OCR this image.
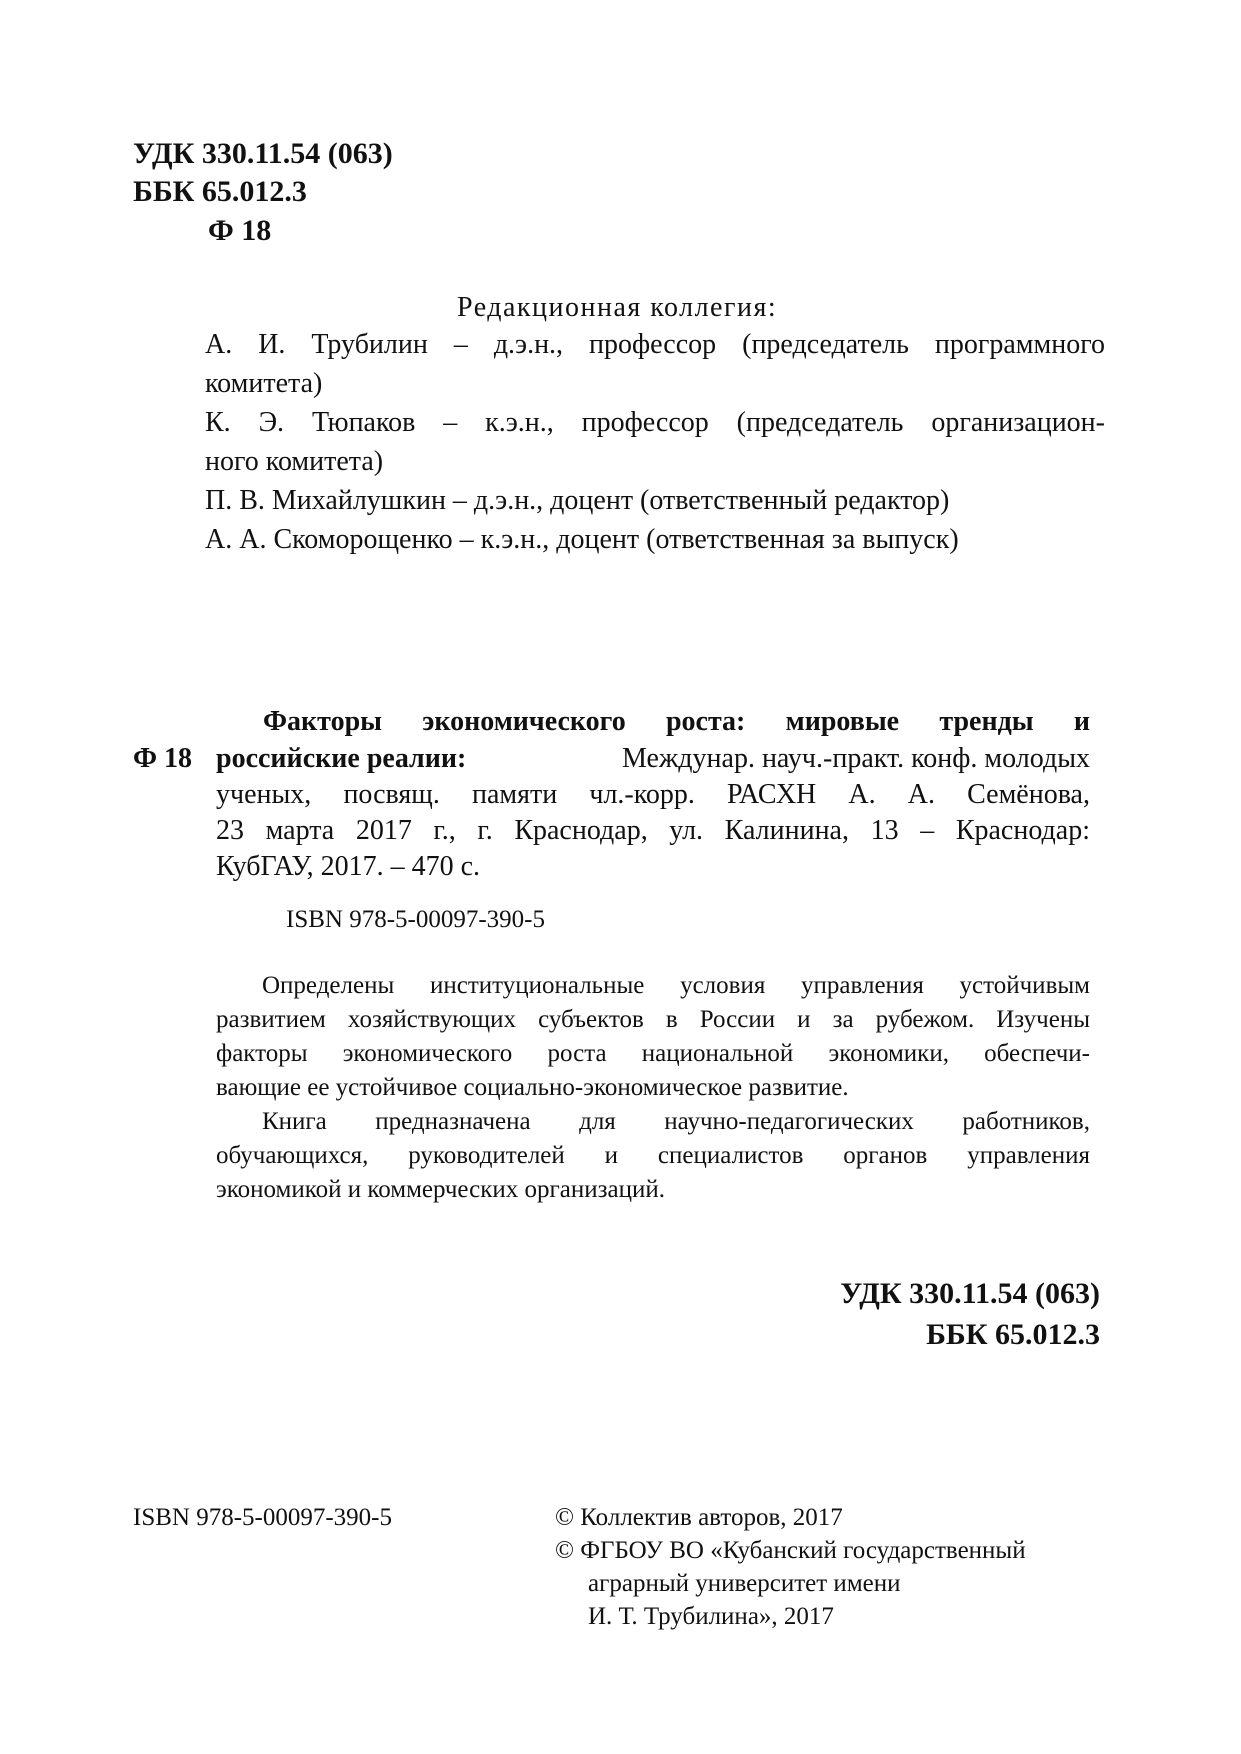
УДК 330.11.54 (063)
ББК 65.012.3
Ф 18
Редакционная коллегия:
А. И. Трубилин – д.э.н., профессор (председатель программного
комитета)
К. Э. Тюпаков – к.э.н., профессор (председатель организацион-
ного комитета)
П. В. Михайлушкин – д.э.н., доцент (ответственный редактор)
А. А. Скоморощенко – к.э.н., доцент (ответственная за выпуск)
Ф 18
Факторы экономического роста: мировые тренды и
российские реалии:	Междунар. науч.-практ. конф. молодых
ученых, посвящ. памяти чл.-корр. РАСХН А. А. Семёнова,
23 марта 2017 г., г. Краснодар, ул. Калинина, 13 – Краснодар:
КубГАУ, 2017. – 470 с.
ISBN 978-5-00097-390-5
Определены институциональные условия управления устойчивым
развитием хозяйствующих субъектов в России и за рубежом. Изучены
факторы экономического роста национальной экономики, обеспечи-
вающие ее устойчивое социально-экономическое развитие.
Книга предназначена для научно-педагогических работников,
обучающихся, руководителей и специалистов органов управления
экономикой и коммерческих организаций.
УДК 330.11.54 (063)
ББК 65.012.3
ISBN 978-5-00097-390-5	© Коллектив авторов, 2017
© ФГБОУ ВО «Кубанский государственный
аграрный университет имени
И. Т. Трубилина», 2017
